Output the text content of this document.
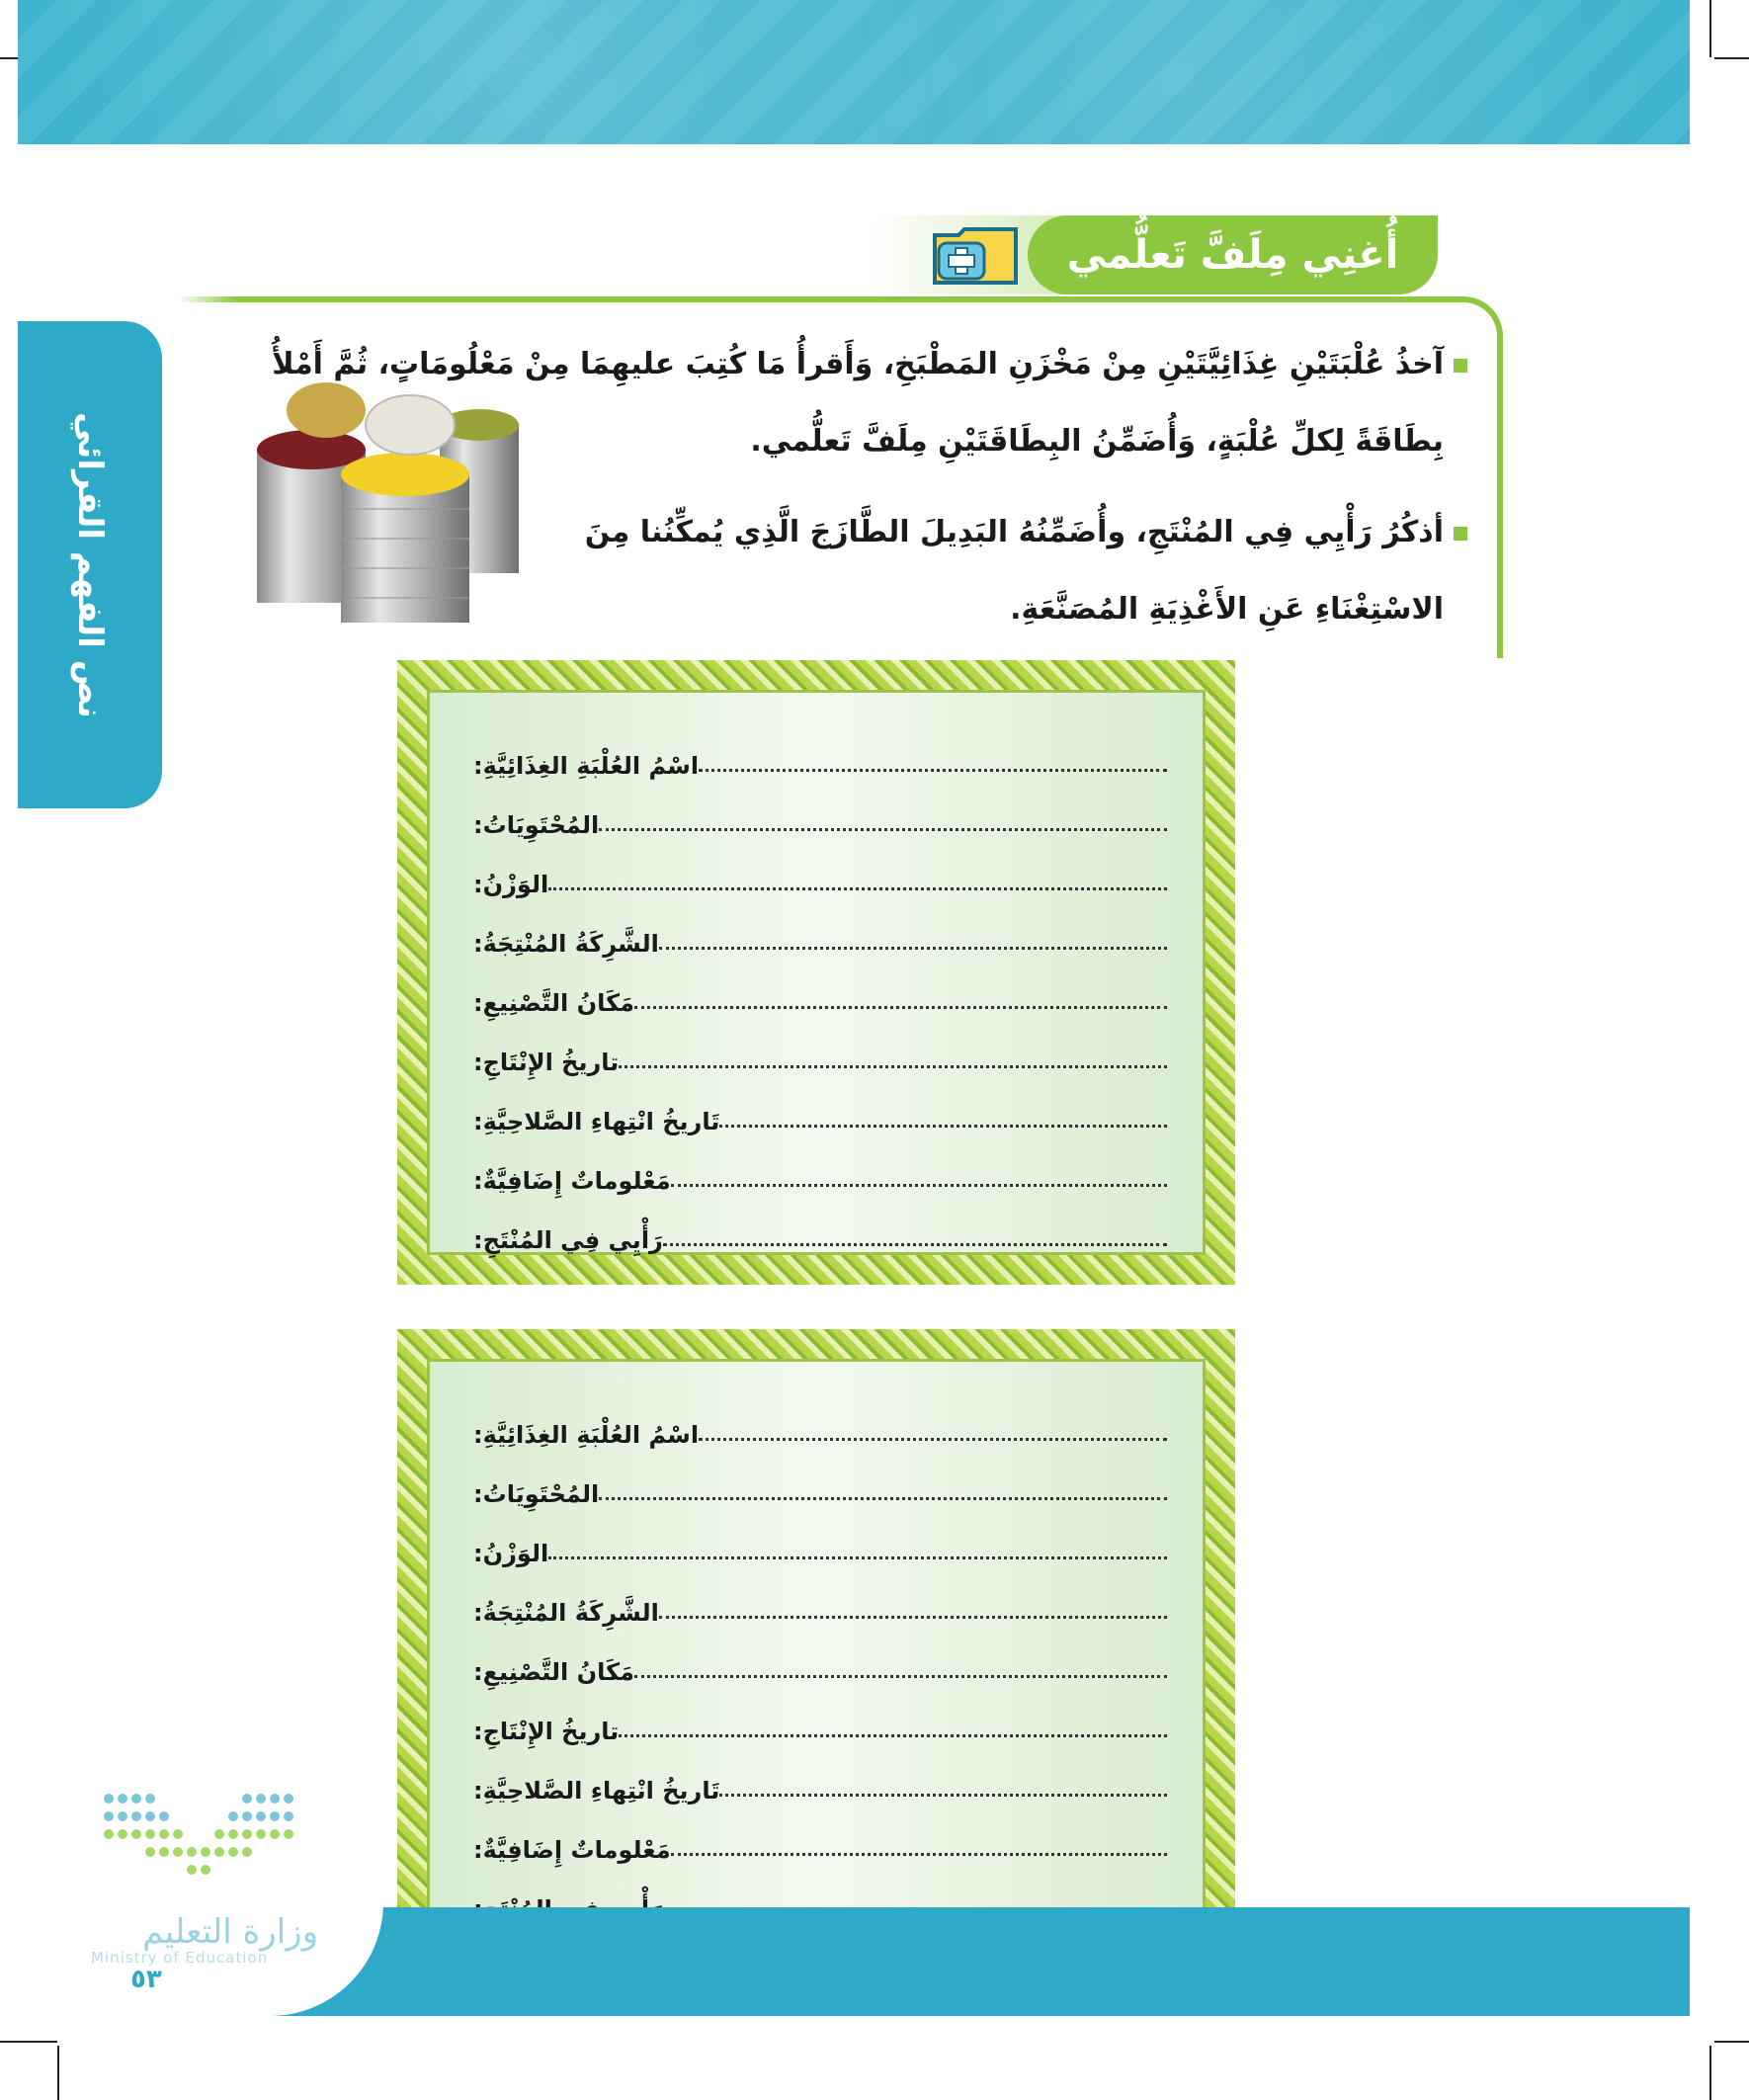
نص الفهم القرائي
أُغنِي مِلَفَّ تَعلُّمي
آخذُ عُلْبَتَيْنِ غِذَائِيَّتَيْنِ مِنْ مَخْزَنِ المَطْبَخِ، وَأَقرأُ مَا كُتِبَ عليهِمَا مِنْ مَعْلُومَاتٍ، ثُمَّ أَمْلأُ
بِطَاقَةً لِكلِّ عُلْبَةٍ، وَأُضَمِّنُ البِطَاقَتَيْنِ مِلَفَّ تَعلُّمي.
أذكُرُ رَأْيِي فِي المُنْتَجِ، وأُضَمِّنُهُ البَدِيلَ الطَّازَجَ الَّذِي يُمكِّنُنا مِنَ
الاسْتِغْنَاءِ عَنِ الأَغْذِيَةِ المُصَنَّعَةِ.
اسْمُ العُلْبَةِ الغِذَائِيَّةِ:
المُحْتَوِيَاتُ:
الوَزْنُ:
الشَّرِكَةُ المُنْتِجَةُ:
مَكَانُ التَّصْنِيعِ:
تاريخُ الإِنْتَاجِ:
تَاريخُ انْتِهاءِ الصَّلاحِيَّةِ:
مَعْلوماتٌ إِضَافِيَّةٌ:
رَأْيِي فِي المُنْتَجِ:
اسْمُ العُلْبَةِ الغِذَائِيَّةِ:
المُحْتَوِيَاتُ:
الوَزْنُ:
الشَّرِكَةُ المُنْتِجَةُ:
مَكَانُ التَّصْنِيعِ:
تاريخُ الإِنْتَاجِ:
تَاريخُ انْتِهاءِ الصَّلاحِيَّةِ:
مَعْلوماتٌ إِضَافِيَّةٌ:
وزارة التعليم
Ministry of Education
٥٣
